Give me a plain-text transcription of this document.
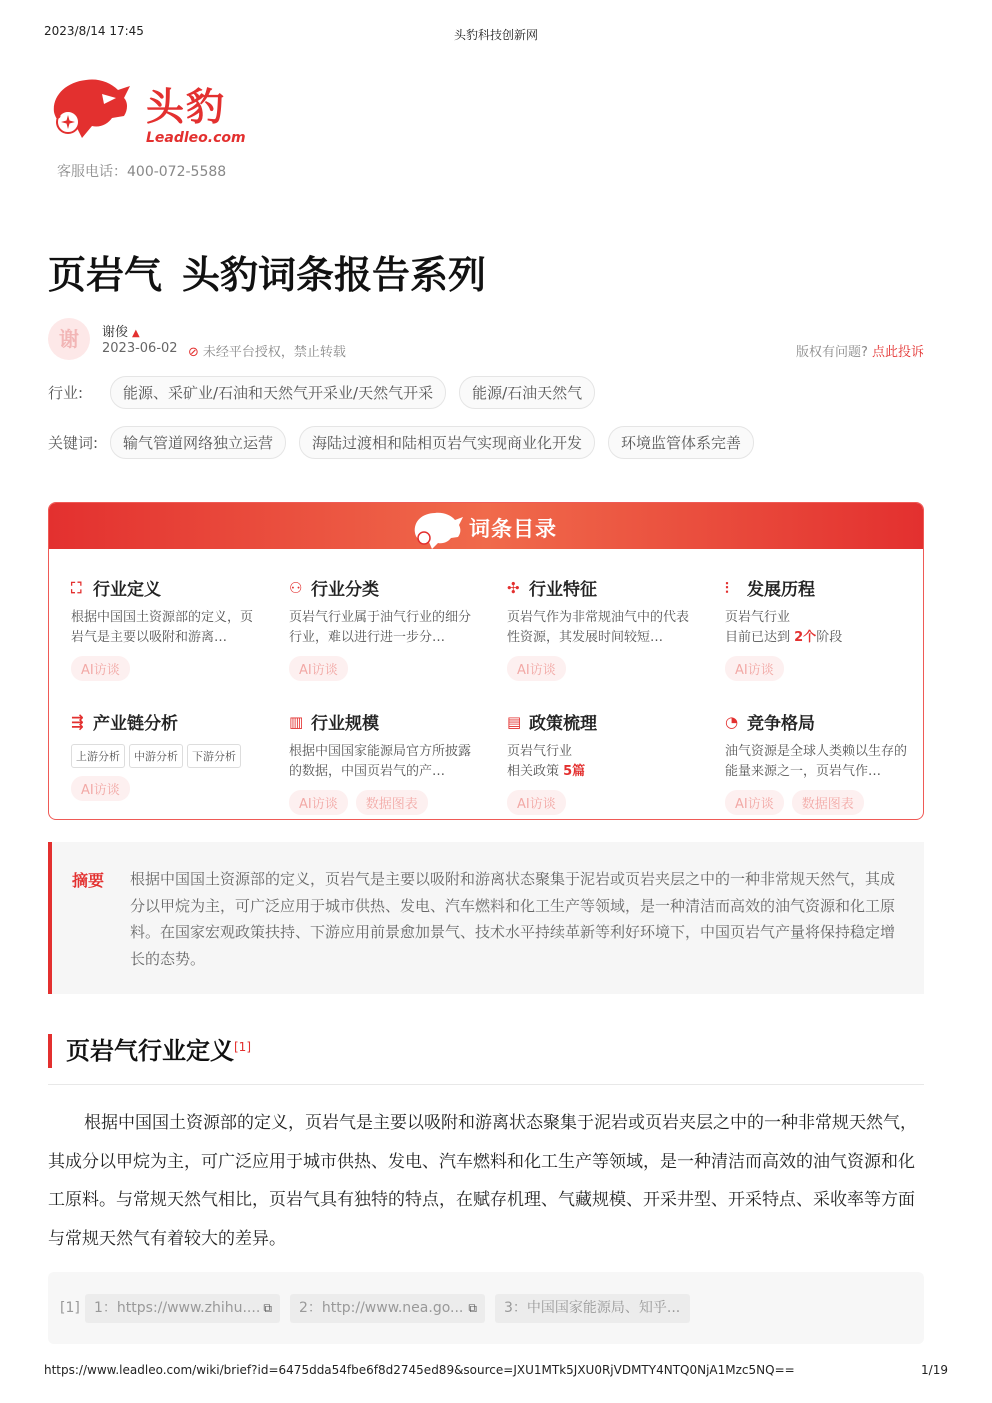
2023/8/14 17:45	头豹科技创新网
头豹
Leadleo.com
客服电话：400-072-5588
页岩气 头豹词条报告系列
谢	谢俊 ▲
2023-06-02 ⊘ 未经平台授权，禁止转载	版权有问题? 点此投诉
行业:	能源、采矿业/石油和天然气开采业/天然气开采	能源/石油天然气
关键词:	输气管道网络独立运营	海陆过渡相和陆相页岩气实现商业化开发	环境监管体系完善
词条目录
⛶ 行业定义
根据中国国土资源部的定义，页岩气是主要以吸附和游离…
AI访谈
⚇ 行业分类
页岩气行业属于油气行业的细分行业，难以进行进一步分…
AI访谈
✣ 行业特征
页岩气作为非常规油气中的代表性资源，其发展时间较短…
AI访谈
⫶	发展历程
页岩气行业
目前已达到 2个阶段
AI访谈
⇶ 产业链分析
上游分析 中游分析 下游分析
AI访谈
▥ 行业规模
根据中国国家能源局官方所披露的数据，中国页岩气的产…
AI访谈 数据图表
▤ 政策梳理
页岩气行业
相关政策 5篇
AI访谈
◔ 竞争格局
油气资源是全球人类赖以生存的能量来源之一，页岩气作…
AI访谈 数据图表
摘要 根据中国国土资源部的定义，页岩气是主要以吸附和游离状态聚集于泥岩或页岩夹层之中的一种非常规天然气，其成分以甲烷为主，可广泛应用于城市供热、发电、汽车燃料和化工生产等领域，是一种清洁而高效的油气资源和化工原料。在国家宏观政策扶持、下游应用前景愈加景气、技术水平持续革新等利好环境下，中国页岩气产量将保持稳定增长的态势。
页岩气行业定义[1]
根据中国国土资源部的定义，页岩气是主要以吸附和游离状态聚集于泥岩或页岩夹层之中的一种非常规天然气，其成分以甲烷为主，可广泛应用于城市供热、发电、汽车燃料和化工生产等领域，是一种清洁而高效的油气资源和化工原料。与常规天然气相比，页岩气具有独特的特点，在赋存机理、气藏规模、开采井型、开采特点、采收率等方面与常规天然气有着较大的差异。
[1]	1：https://www.zhihu.... ⧉	2：http://www.nea.go... ⧉	3：中国国家能源局、知乎...
https://www.leadleo.com/wiki/brief?id=6475dda54fbe6f8d2745ed89&source=JXU1MTk5JXU0RjVDMTY4NTQ0NjA1Mzc5NQ==	1/19
